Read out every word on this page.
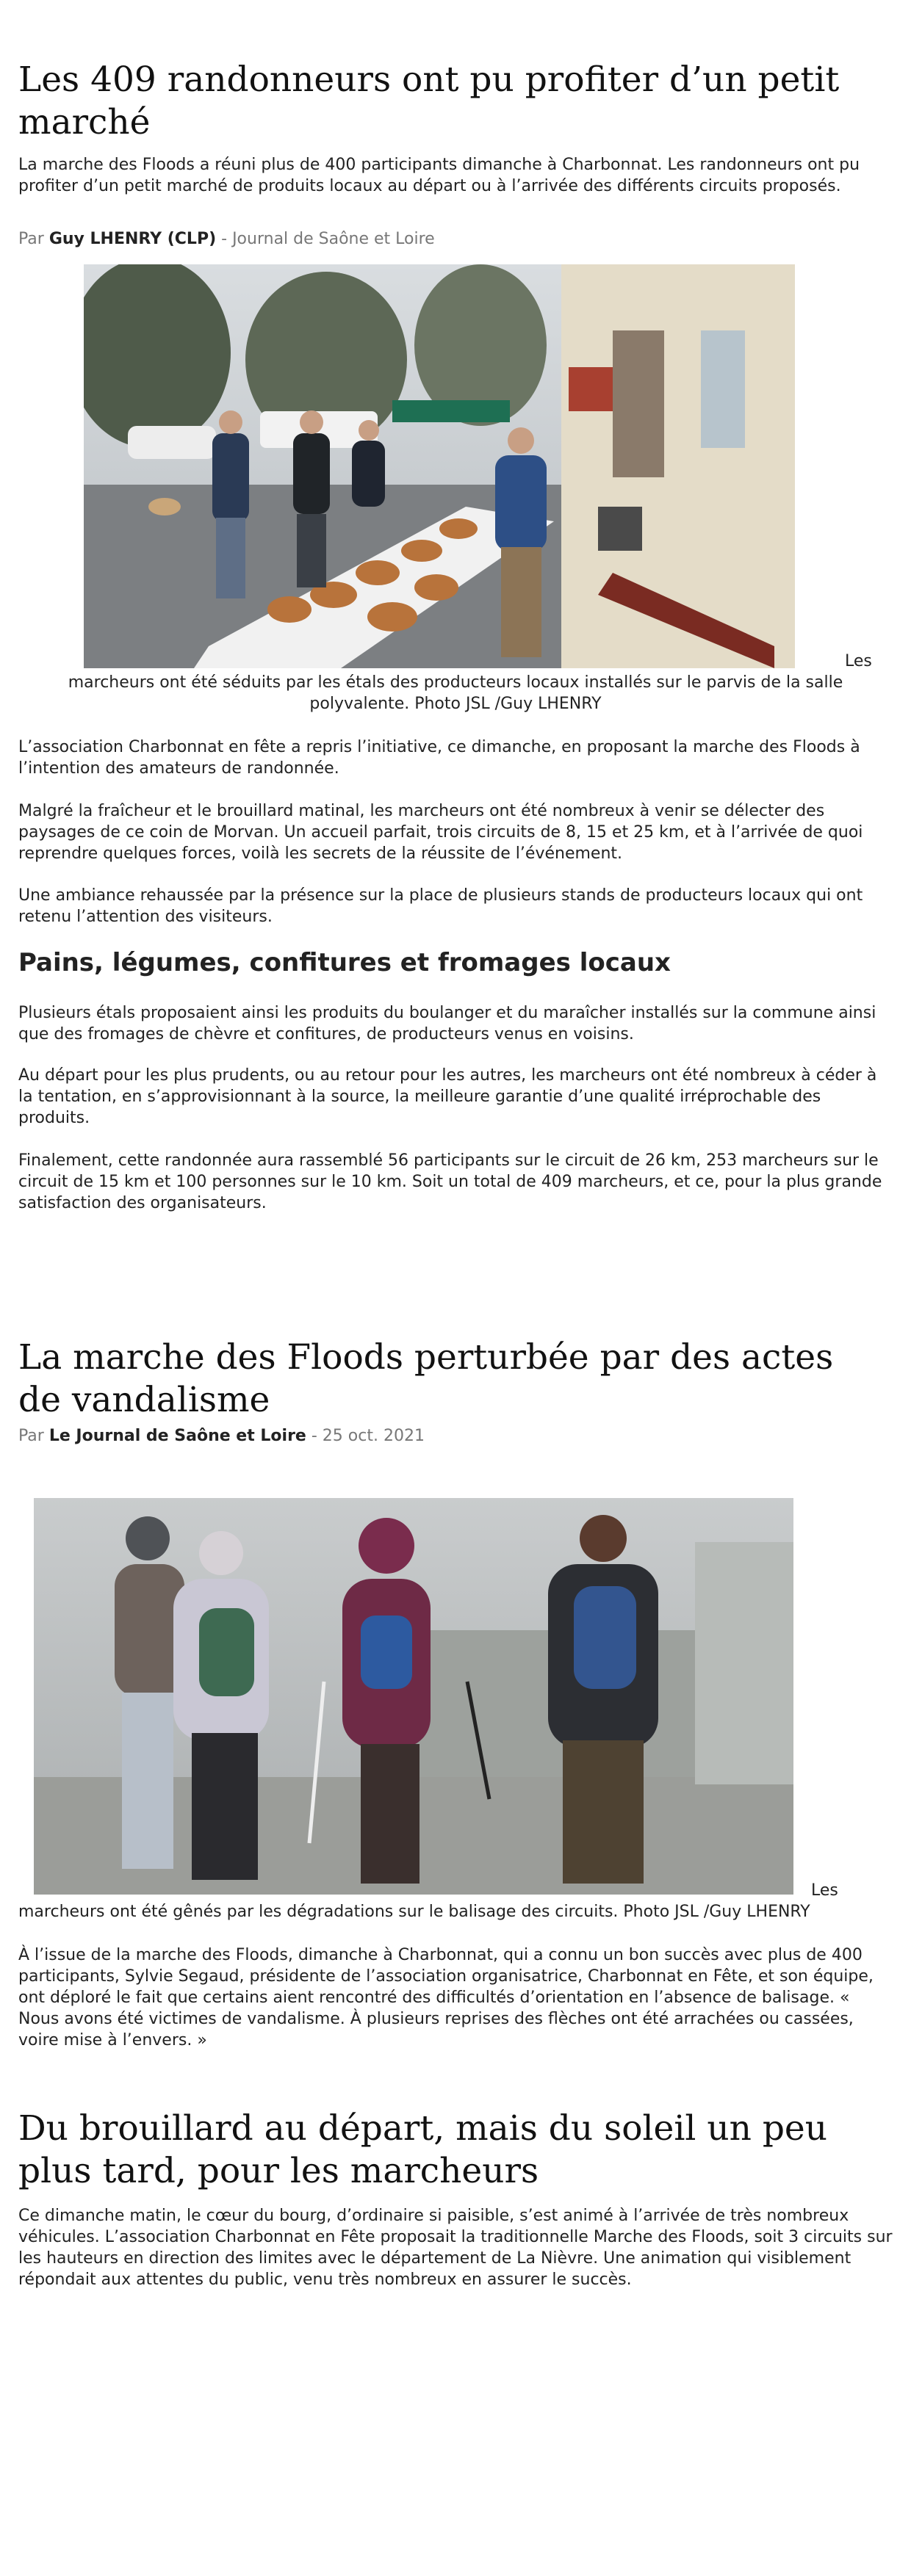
Les 409 randonneurs ont pu profiter d’un petit marché

La marche des Floods a réuni plus de 400 participants dimanche à Charbonnat. Les randonneurs ont pu profiter d’un petit marché de produits locaux au départ ou à l’arrivée des différents circuits proposés.

Par Guy LHENRY (CLP) - Journal de Saône et Loire
Les
marcheurs ont été séduits par les étals des producteurs locaux installés sur le parvis de la salle
polyvalente. Photo JSL /Guy LHENRY

L’association Charbonnat en fête a repris l’initiative, ce dimanche, en proposant la marche des Floods à l’intention des amateurs de randonnée.

Malgré la fraîcheur et le brouillard matinal, les marcheurs ont été nombreux à venir se délecter des paysages de ce coin de Morvan. Un accueil parfait, trois circuits de 8, 15 et 25 km, et à l’arrivée de quoi reprendre quelques forces, voilà les secrets de la réussite de l’événement.

Une ambiance rehaussée par la présence sur la place de plusieurs stands de producteurs locaux qui ont retenu l’attention des visiteurs.

Pains, légumes, confitures et fromages locaux

Plusieurs étals proposaient ainsi les produits du boulanger et du maraîcher installés sur la commune ainsi que des fromages de chèvre et confitures, de producteurs venus en voisins.

Au départ pour les plus prudents, ou au retour pour les autres, les marcheurs ont été nombreux à céder à la tentation, en s’approvisionnant à la source, la meilleure garantie d’une qualité irréprochable des produits.

Finalement, cette randonnée aura rassemblé 56 participants sur le circuit de 26 km, 253 marcheurs sur le circuit de 15 km et 100 personnes sur le 10 km. Soit un total de 409 marcheurs, et ce, pour la plus grande satisfaction des organisateurs.

La marche des Floods perturbée par des actes de vandalisme
Par Le Journal de Saône et Loire - 25 oct. 2021
Les
marcheurs ont été gênés par les dégradations sur le balisage des circuits. Photo JSL /Guy LHENRY

À l’issue de la marche des Floods, dimanche à Charbonnat, qui a connu un bon succès avec plus de 400 participants, Sylvie Segaud, présidente de l’association organisatrice, Charbonnat en Fête, et son équipe, ont déploré le fait que certains aient rencontré des difficultés d’orientation en l’absence de balisage. « Nous avons été victimes de vandalisme. À plusieurs reprises des flèches ont été arrachées ou cassées, voire mise à l’envers. »

Du brouillard au départ, mais du soleil un peu plus tard, pour les marcheurs

Ce dimanche matin, le cœur du bourg, d’ordinaire si paisible, s’est animé à l’arrivée de très nombreux véhicules. L’association Charbonnat en Fête proposait la traditionnelle Marche des Floods, soit 3 circuits sur les hauteurs en direction des limites avec le département de La Nièvre. Une animation qui visiblement répondait aux attentes du public, venu très nombreux en assurer le succès.
